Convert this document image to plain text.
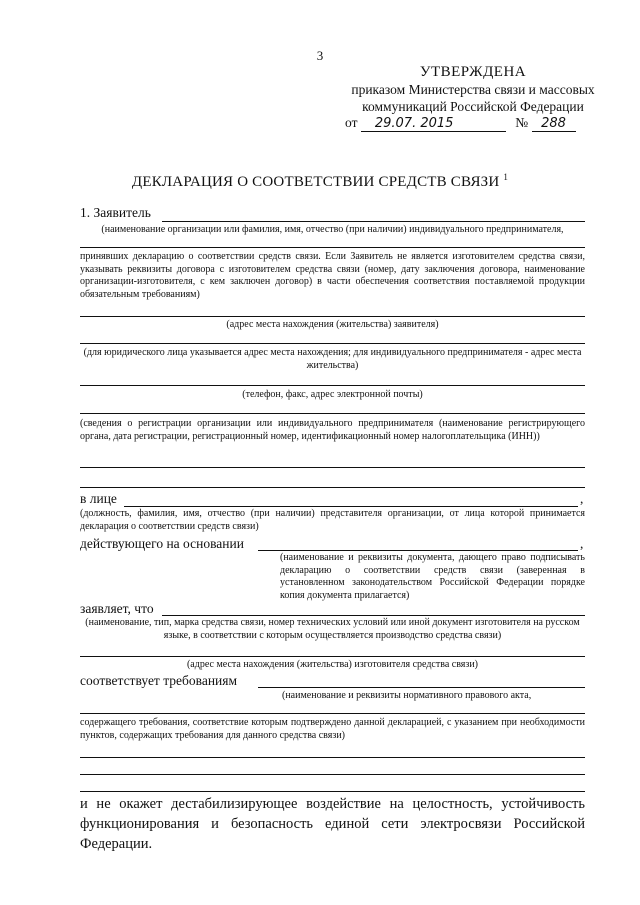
3
УТВЕРЖДЕНА
приказом Министерства связи и массовых
коммуникаций Российской Федерации
от 29.07. 2015	№ 288
ДЕКЛАРАЦИЯ О СООТВЕТСТВИИ СРЕДСТВ СВЯЗИ $^1$
1. Заявитель
(наименование организации или фамилия, имя, отчество (при наличии) индивидуального предпринимателя,
принявших декларацию о соответствии средств связи. Если Заявитель не является изготовителем средства связи, указывать реквизиты договора с изготовителем средства связи (номер, дату заключения договора, наименование организации-изготовителя, с кем заключен договор) в части обеспечения соответствия поставляемой продукции обязательным требованиям)
(адрес места нахождения (жительства) заявителя)
(для юридического лица указывается адрес места нахождения; для индивидуального предпринимателя - адрес места жительства)
(телефон, факс, адрес электронной почты)
(сведения о регистрации организации или индивидуального предпринимателя (наименование регистрирующего органа, дата регистрации, регистрационный номер, идентификационный номер налогоплательщика (ИНН))
в лице	,
(должность, фамилия, имя, отчество (при наличии) представителя организации, от лица которой принимается декларация о соответствии средств связи)
действующего на основании	,
(наименование и реквизиты документа, дающего право подписывать декларацию о соответствии средств связи (заверенная в установленном законодательством Российской Федерации порядке копия документа прилагается)
заявляет, что
(наименование, тип, марка средства связи, номер технических условий или иной документ изготовителя на русском языке, в соответствии с которым осуществляется производство средства связи)
(адрес места нахождения (жительства) изготовителя средства связи)
соответствует требованиям
(наименование и реквизиты нормативного правового акта,
содержащего требования, соответствие которым подтверждено данной декларацией, с указанием при необходимости пунктов, содержащих требования для данного средства связи)
и не окажет дестабилизирующее воздействие на целостность, устойчивость функционирования и безопасность единой сети электросвязи Российской Федерации.
